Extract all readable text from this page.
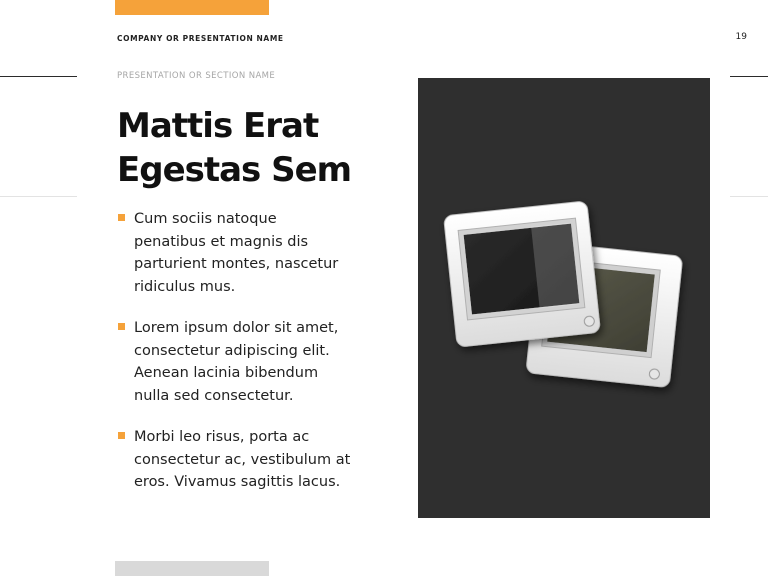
COMPANY OR PRESENTATION NAME	19
PRESENTATION OR SECTION NAME
Mattis Erat
Egestas Sem
Cum sociis natoque
penatibus et magnis dis
parturient montes, nascetur
ridiculus mus.
Lorem ipsum dolor sit amet,
consectetur adipiscing elit.
Aenean lacinia bibendum
nulla sed consectetur.
Morbi leo risus, porta ac
consectetur ac, vestibulum at
eros. Vivamus sagittis lacus.
